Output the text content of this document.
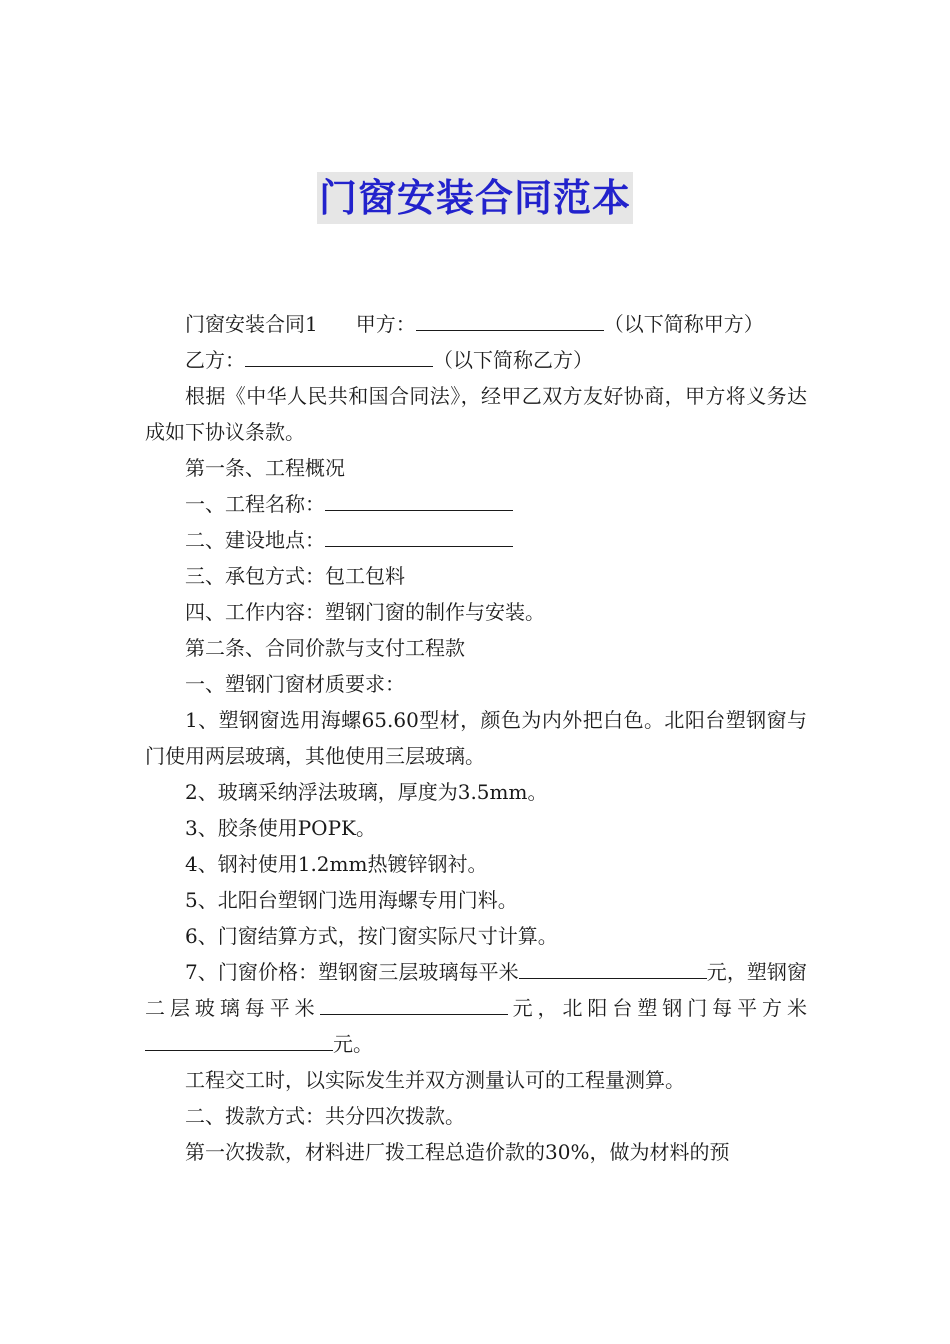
门窗安装合同范本

门窗安装合同1 甲方：	（以下简称甲方）

乙方：	（以下简称乙方）

根据《中华人民共和国合同法》，经甲乙双方友好协商，甲方将义务达成如下协议条款。

第一条、工程概况

一、工程名称：

二、建设地点：

三、承包方式：包工包料

四、工作内容：塑钢门窗的制作与安装。

第二条、合同价款与支付工程款

一、塑钢门窗材质要求：

1、塑钢窗选用海螺65.60型材，颜色为内外把白色。北阳台塑钢窗与门使用两层玻璃，其他使用三层玻璃。

2、玻璃采纳浮法玻璃，厚度为3.5mm。

3、胶条使用POPK。

4、钢衬使用1.2mm热镀锌钢衬。

5、北阳台塑钢门选用海螺专用门料。

6、门窗结算方式，按门窗实际尺寸计算。

7、门窗价格：塑钢窗三层玻璃每平米	元，塑钢窗二层玻璃每平米	元，北阳台塑钢门每平方米元。

工程交工时，以实际发生并双方测量认可的工程量测算。

二、拨款方式：共分四次拨款。

第一次拨款，材料进厂拨工程总造价款的30%，做为材料的预
